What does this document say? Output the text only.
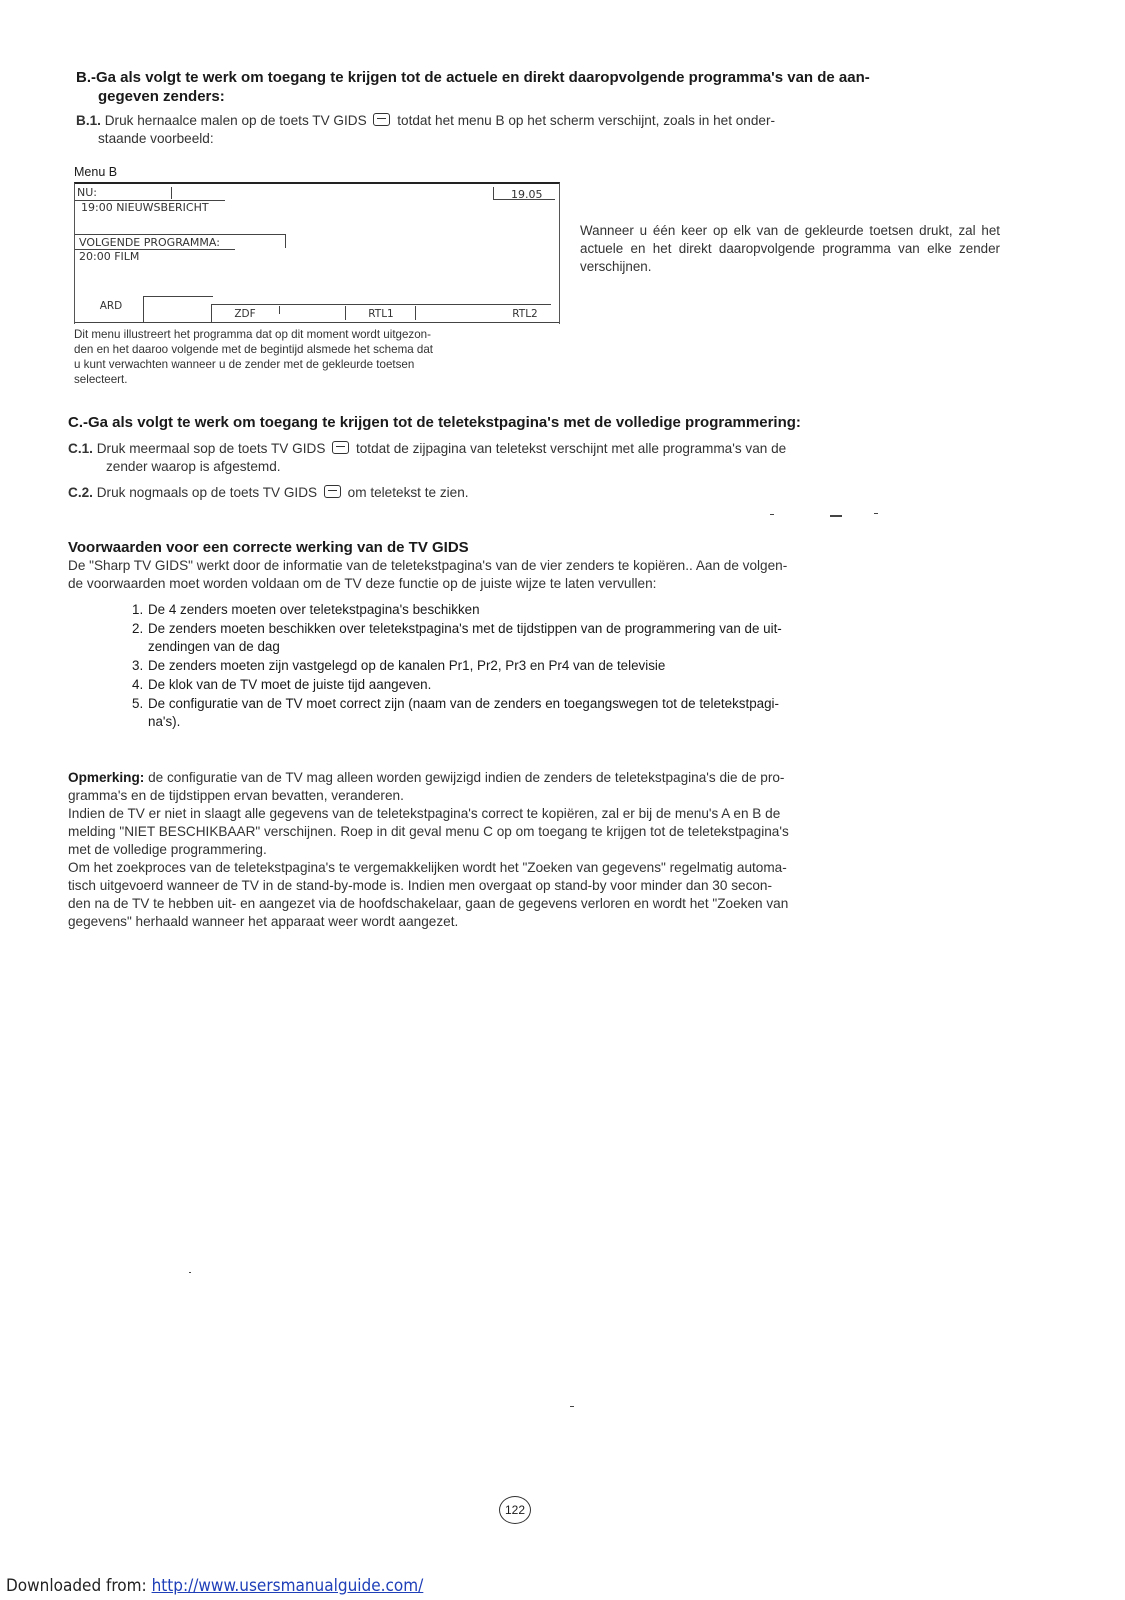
B.-Ga als volgt te werk om toegang te krijgen tot de actuele en direkt daaropvolgende programma's van de aan-
gegeven zenders:

B.1. Druk hernaalce malen op de toets TV GIDS totdat het menu B op het scherm verschijnt, zoals in het onder-
staande voorbeeld:

Menu B

NU:	19.05
19:00 NIEUWSBERICHT
VOLGENDE PROGRAMMA:
20:00 FILM
ARD
ZDF	RTL1	RTL2

Dit menu illustreert het programma dat op dit moment wordt uitgezon-
den en het daaroo volgende met de begintijd alsmede het schema dat
u kunt verwachten wanneer u de zender met de gekleurde toetsen
selecteert.

Wanneer u één keer op elk van de gekleurde toetsen drukt, zal het actuele en het direkt daaropvolgende programma van elke zender verschijnen.

C.-Ga als volgt te werk om toegang te krijgen tot de teletekstpagina's met de volledige programmering:

C.1. Druk meermaal sop de toets TV GIDS totdat de zijpagina van teletekst verschijnt met alle programma's van de
zender waarop is afgestemd.

C.2. Druk nogmaals op de toets TV GIDS om teletekst te zien.

Voorwaarden voor een correcte werking van de TV GIDS

De "Sharp TV GIDS" werkt door de informatie van de teletekstpagina's van de vier zenders te kopiëren.. Aan de volgen-
de voorwaarden moet worden voldaan om de TV deze functie op de juiste wijze te laten vervullen:

1. De 4 zenders moeten over teletekstpagina's beschikken
2. De zenders moeten beschikken over teletekstpagina's met de tijdstippen van de programmering van de uit-
zendingen van de dag
3. De zenders moeten zijn vastgelegd op de kanalen Pr1, Pr2, Pr3 en Pr4 van de televisie
4. De klok van de TV moet de juiste tijd aangeven.
5. De configuratie van de TV moet correct zijn (naam van de zenders en toegangswegen tot de teletekstpagi-
na's).

Opmerking: de configuratie van de TV mag alleen worden gewijzigd indien de zenders de teletekstpagina's die de pro-
gramma's en de tijdstippen ervan bevatten, veranderen.
Indien de TV er niet in slaagt alle gegevens van de teletekstpagina's correct te kopiëren, zal er bij de menu's A en B de
melding "NIET BESCHIKBAAR" verschijnen. Roep in dit geval menu C op om toegang te krijgen tot de teletekstpagina's
met de volledige programmering.
Om het zoekproces van de teletekstpagina's te vergemakkelijken wordt het "Zoeken van gegevens" regelmatig automa-
tisch uitgevoerd wanneer de TV in de stand-by-mode is. Indien men overgaat op stand-by voor minder dan 30 secon-
den na de TV te hebben uit- en aangezet via de hoofdschakelaar, gaan de gegevens verloren en wordt het "Zoeken van
gegevens" herhaald wanneer het apparaat weer wordt aangezet.

122
Downloaded from: http://www.usersmanualguide.com/
